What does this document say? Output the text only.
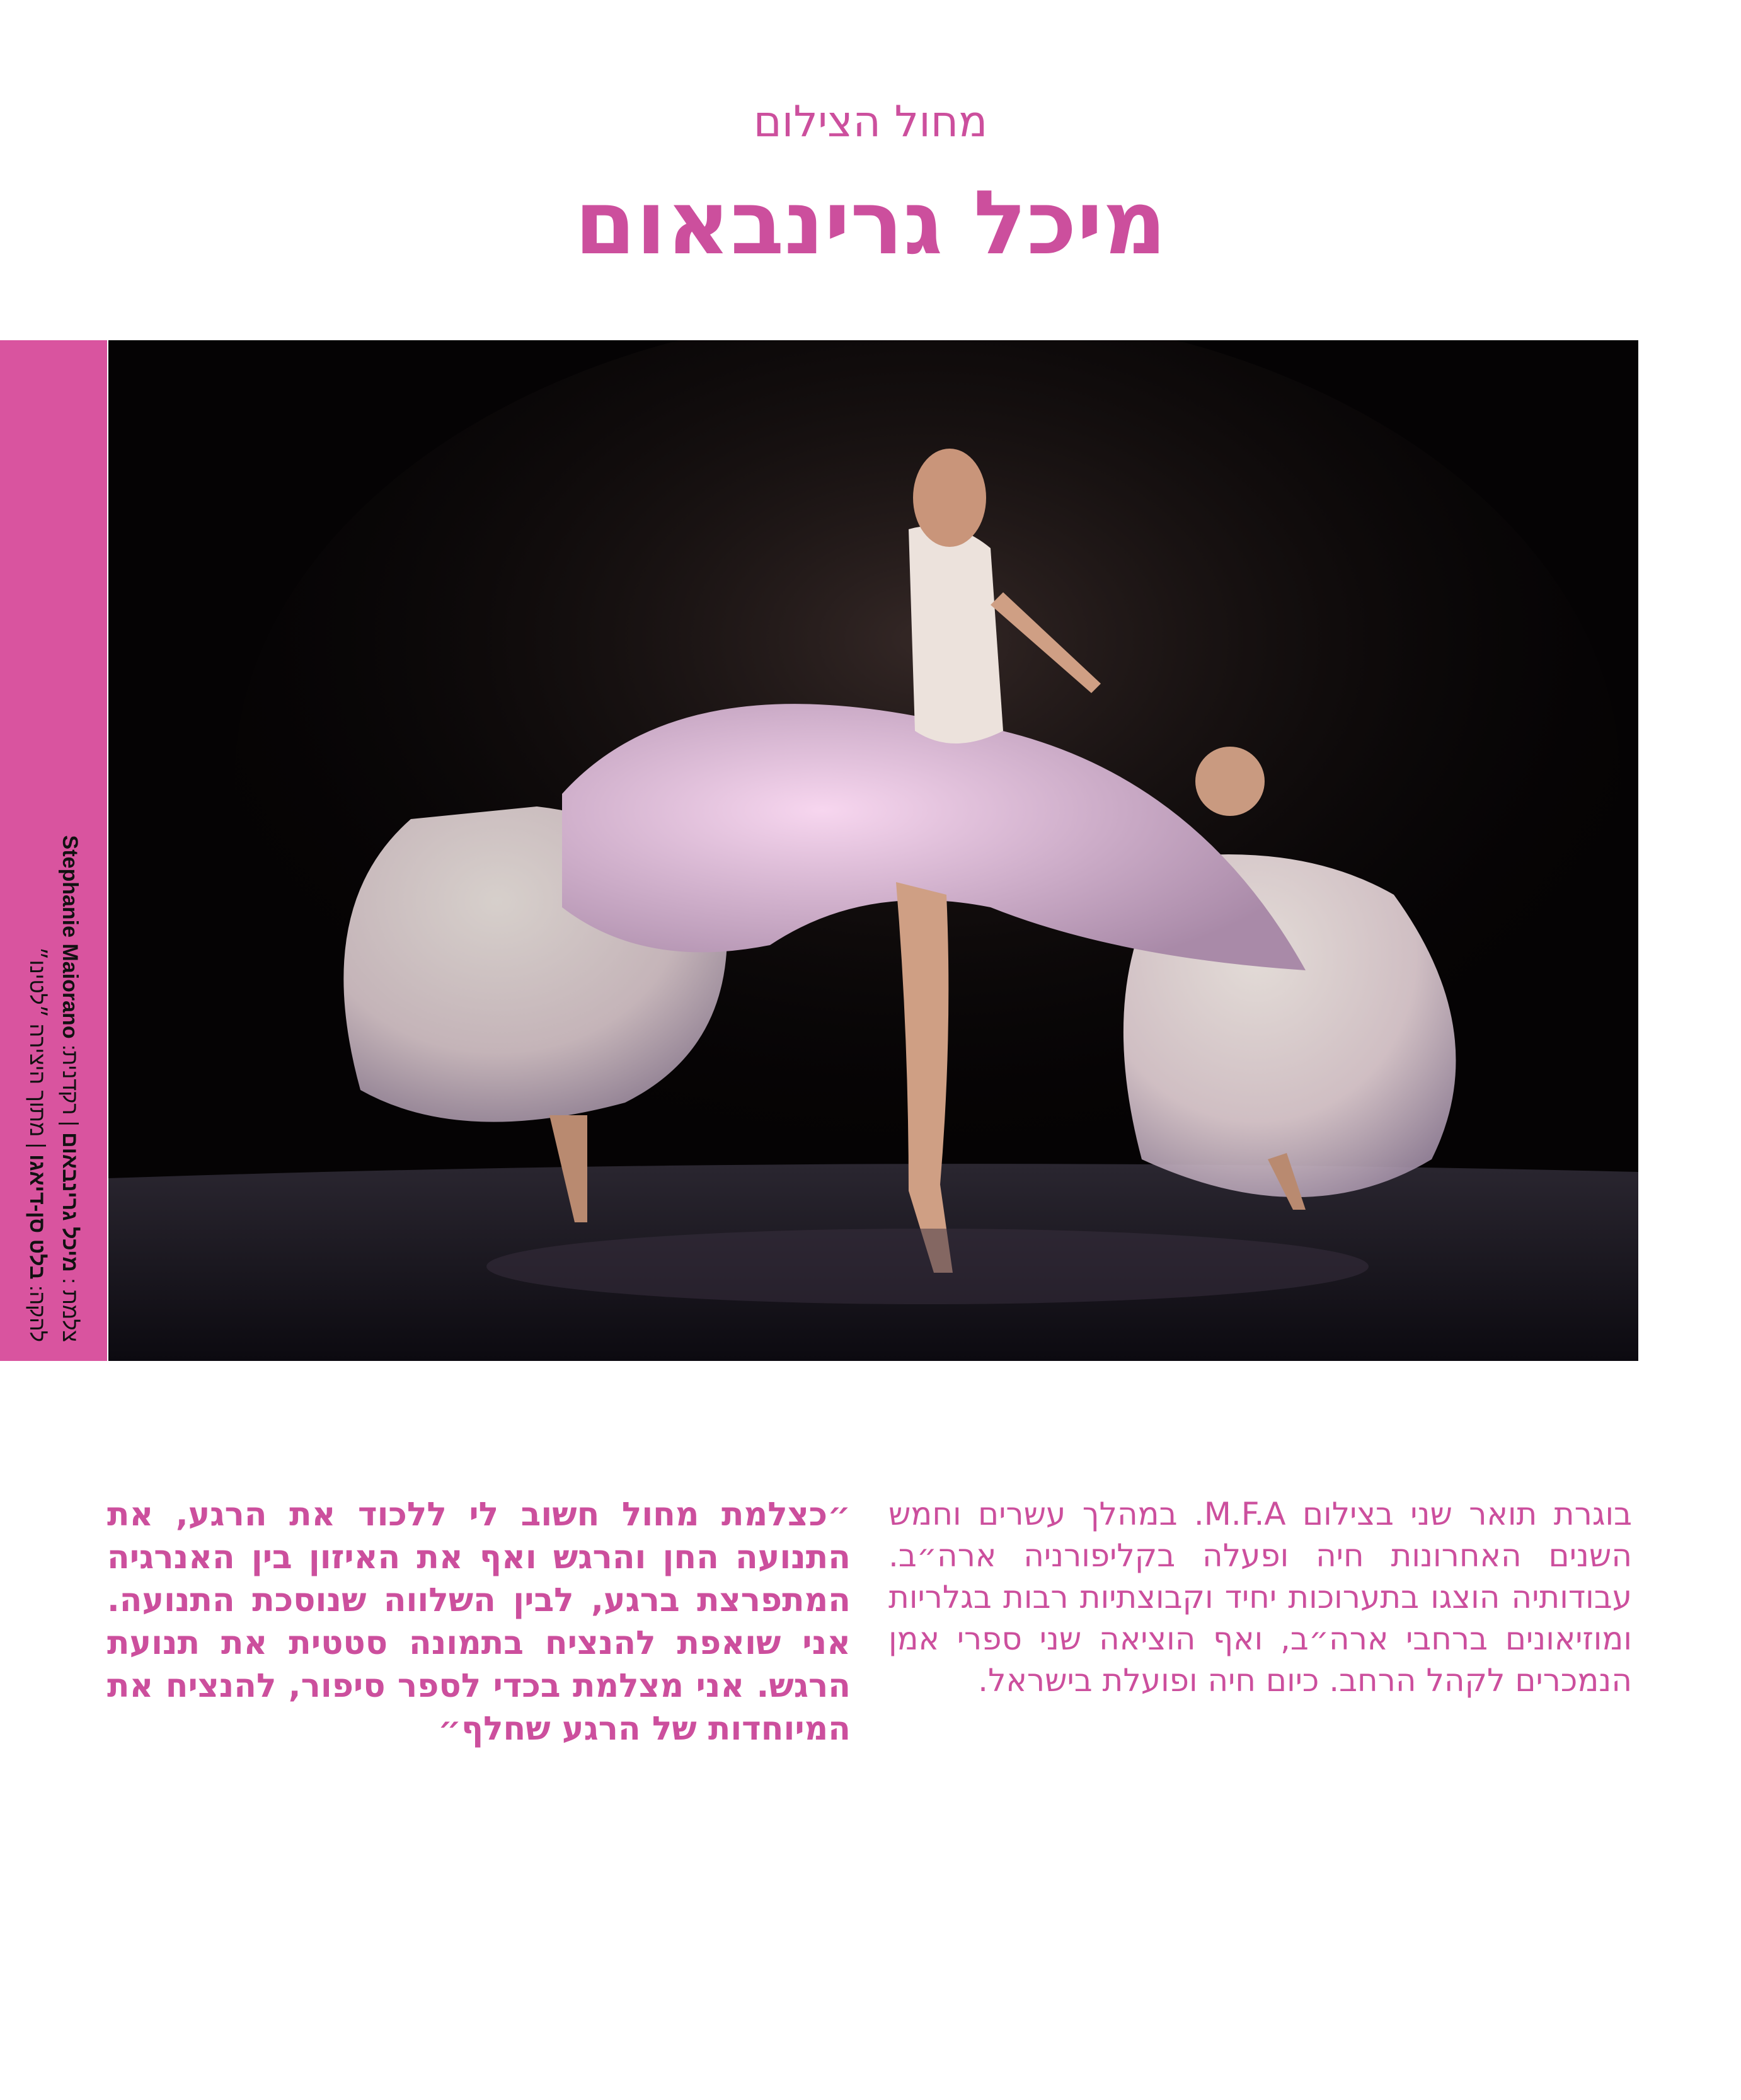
מחול הצילום
מיכל גרינבאום
צלמת : מיכל גרינבאום | רקדנית: Stephanie Maiorano
להקה: בלט סן-דיאגו | מתוך היצירה ״לטינו״
בוגרת תואר שני בצילום M.F.A. במהלך עשרים וחמש השנים האחרונות חיה ופעלה בקליפורניה ארה״ב. עבודותיה הוצגו בתערוכות יחיד וקבוצתיות רבות בגלריות ומוזיאונים ברחבי ארה״ב, ואף הוציאה שני ספרי אמן הנמכרים לקהל הרחב. כיום חיה ופועלת בישראל.
״כצלמת מחול חשוב לי ללכוד את הרגע, את התנועה החן והרגש ואף את האיזון בין האנרגיה המתפרצת ברגע, לבין השלווה שנוסכת התנועה. אני שואפת להנציח בתמונה סטטית את תנועת הרגש. אני מצלמת בכדי לספר סיפור, להנציח את המיוחדות של הרגע שחלף״
